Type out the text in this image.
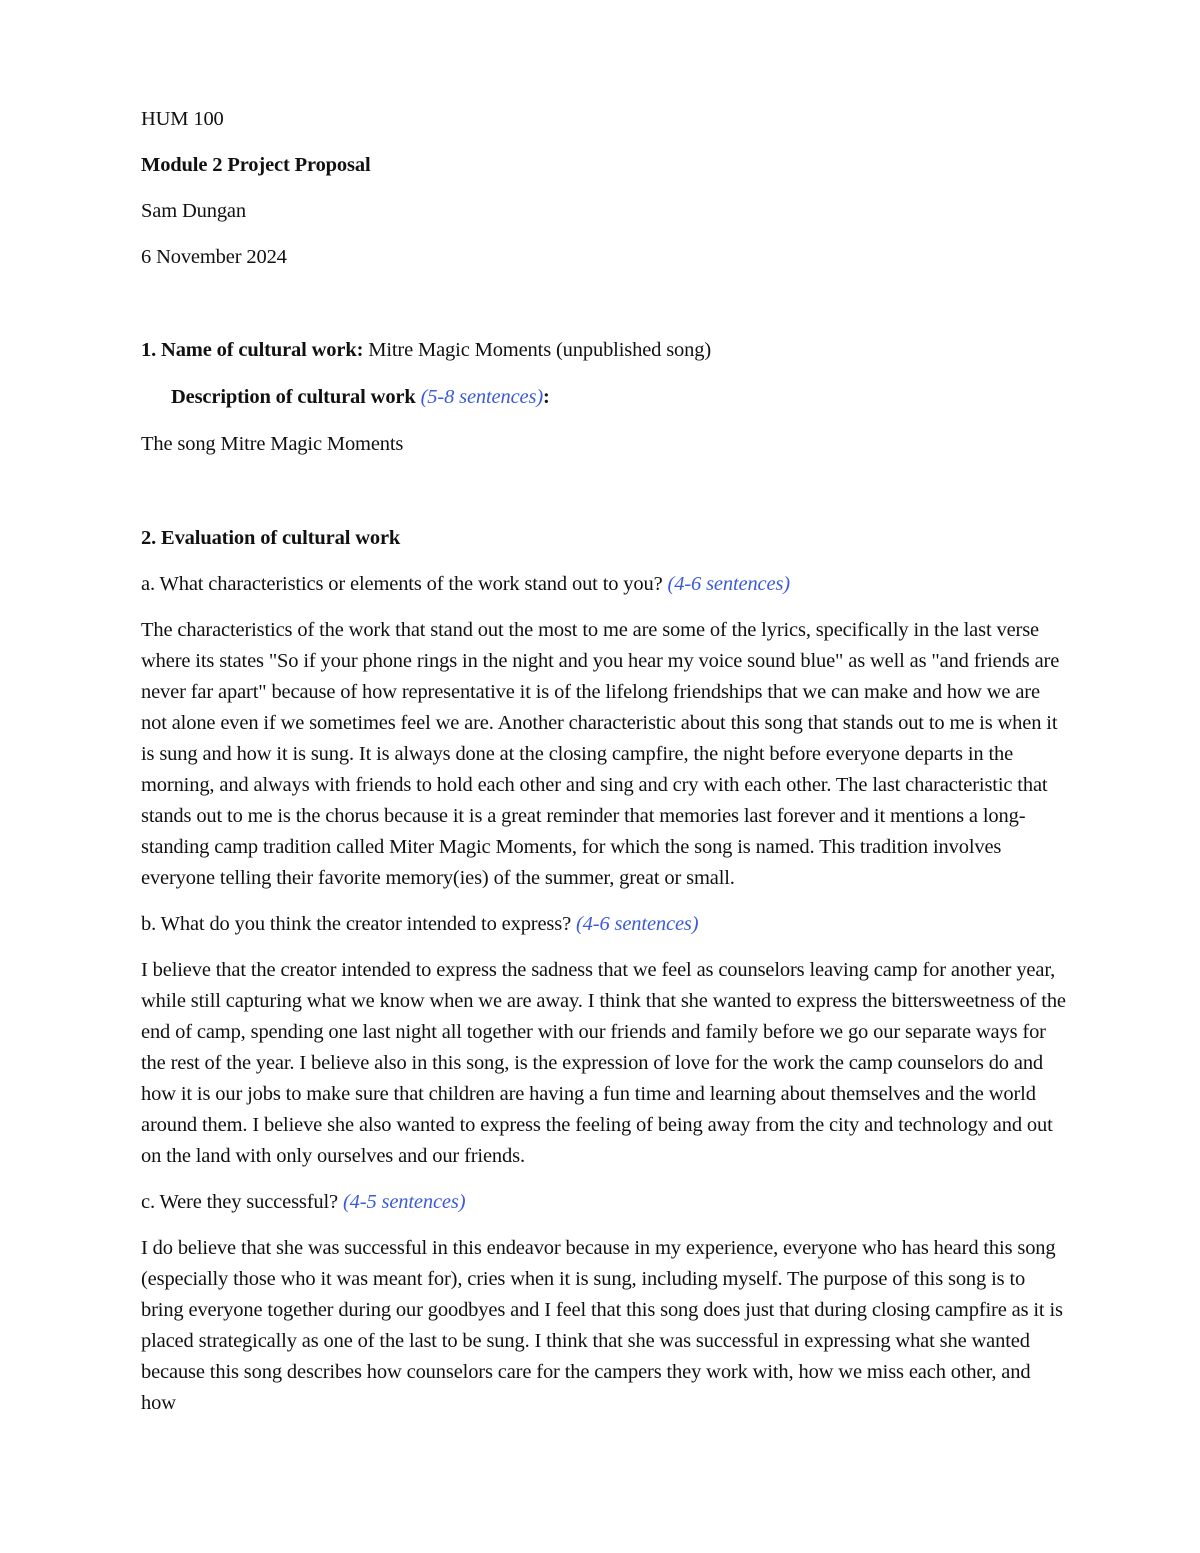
HUM 100

Module 2 Project Proposal

Sam Dungan

6 November 2024

1. Name of cultural work: Mitre Magic Moments (unpublished song)

Description of cultural work (5-8 sentences):

The song Mitre Magic Moments

2. Evaluation of cultural work

a. What characteristics or elements of the work stand out to you? (4-6 sentences)

The characteristics of the work that stand out the most to me are some of the lyrics, specifically in the last verse where its states "So if your phone rings in the night and you hear my voice sound blue" as well as "and friends are never far apart" because of how representative it is of the lifelong friendships that we can make and how we are not alone even if we sometimes feel we are. Another characteristic about this song that stands out to me is when it is sung and how it is sung. It is always done at the closing campfire, the night before everyone departs in the morning, and always with friends to hold each other and sing and cry with each other. The last characteristic that stands out to me is the chorus because it is a great reminder that memories last forever and it mentions a long-standing camp tradition called Miter Magic Moments, for which the song is named. This tradition involves everyone telling their favorite memory(ies) of the summer, great or small.

b. What do you think the creator intended to express? (4-6 sentences)

I believe that the creator intended to express the sadness that we feel as counselors leaving camp for another year, while still capturing what we know when we are away. I think that she wanted to express the bittersweetness of the end of camp, spending one last night all together with our friends and family before we go our separate ways for the rest of the year. I believe also in this song, is the expression of love for the work the camp counselors do and how it is our jobs to make sure that children are having a fun time and learning about themselves and the world around them. I believe she also wanted to express the feeling of being away from the city and technology and out on the land with only ourselves and our friends.

c. Were they successful? (4-5 sentences)

I do believe that she was successful in this endeavor because in my experience, everyone who has heard this song (especially those who it was meant for), cries when it is sung, including myself. The purpose of this song is to bring everyone together during our goodbyes and I feel that this song does just that during closing campfire as it is placed strategically as one of the last to be sung. I think that she was successful in expressing what she wanted because this song describes how counselors care for the campers they work with, how we miss each other, and how
